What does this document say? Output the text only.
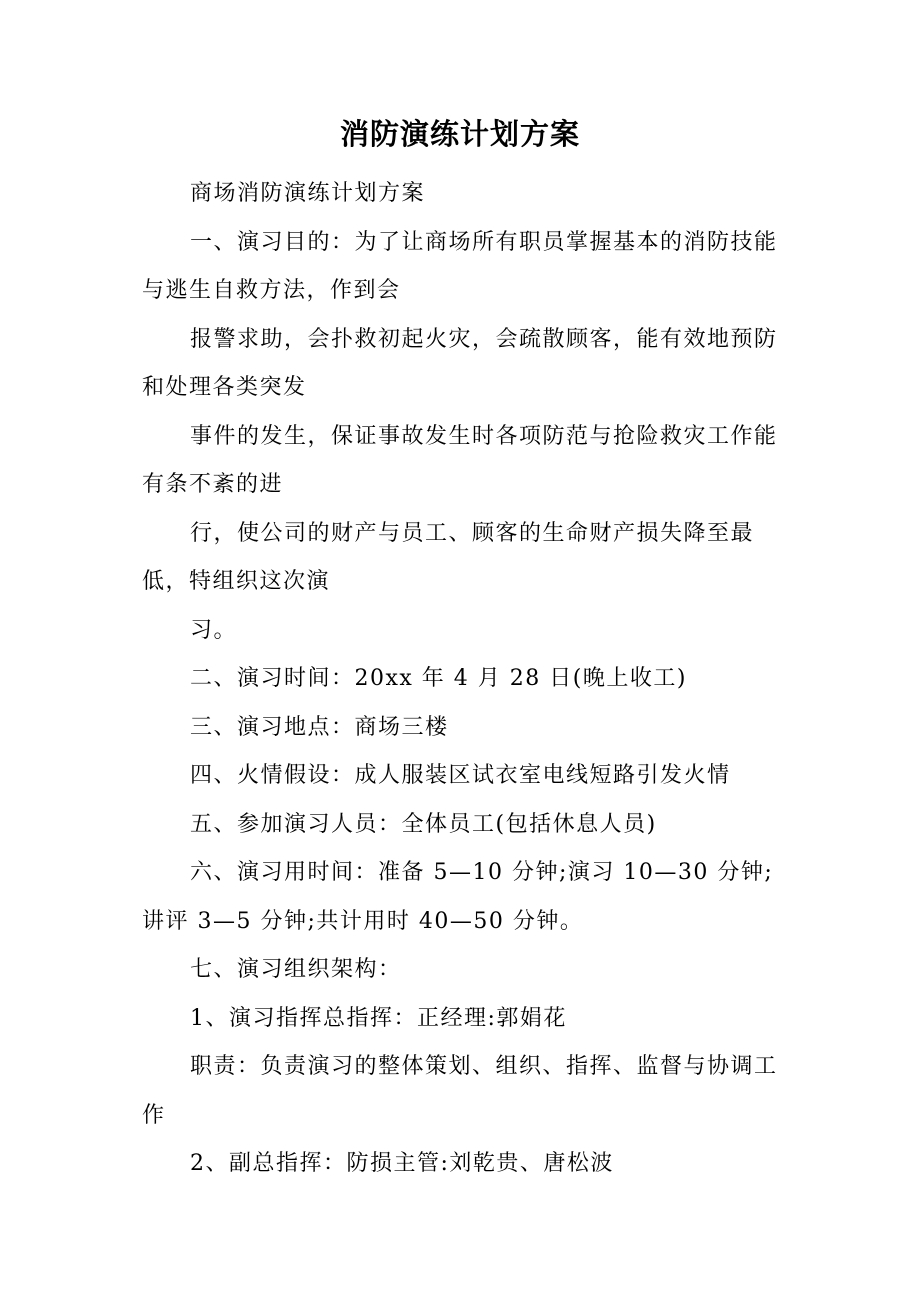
消防演练计划方案

商场消防演练计划方案

一、演习目的：为了让商场所有职员掌握基本的消防技能与逃生自救方法，作到会

报警求助，会扑救初起火灾，会疏散顾客，能有效地预防和处理各类突发

事件的发生，保证事故发生时各项防范与抢险救灾工作能有条不紊的进

行，使公司的财产与员工、顾客的生命财产损失降至最低，特组织这次演

习。

二、演习时间：20xx 年 4 月 28 日(晚上收工)

三、演习地点：商场三楼

四、火情假设：成人服装区试衣室电线短路引发火情

五、参加演习人员：全体员工(包括休息人员)

六、演习用时间：准备 5—10 分钟;演习 10—30 分钟;讲评 3—5 分钟;共计用时 40—50 分钟。

七、演习组织架构：

1、演习指挥总指挥：正经理:郭娟花

职责：负责演习的整体策划、组织、指挥、监督与协调工作

2、副总指挥：防损主管:刘乾贵、唐松波
